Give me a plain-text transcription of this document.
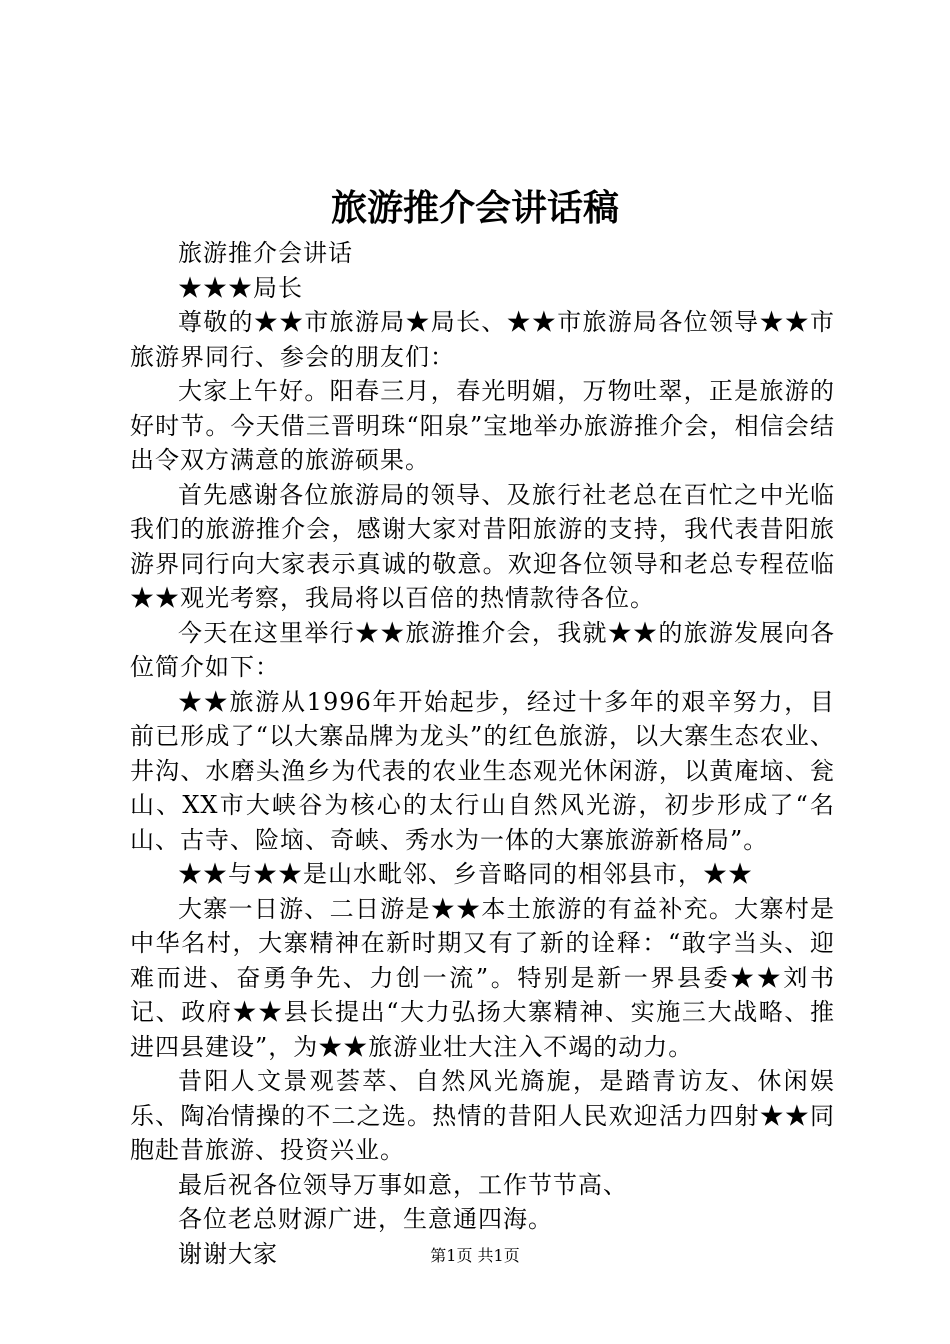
旅游推介会讲话稿

旅游推介会讲话

★★★局长

尊敬的★★市旅游局★局长、★★市旅游局各位领导★★市旅游界同行、参会的朋友们：

大家上午好。阳春三月，春光明媚，万物吐翠，正是旅游的好时节。今天借三晋明珠“阳泉”宝地举办旅游推介会，相信会结出令双方满意的旅游硕果。

首先感谢各位旅游局的领导、及旅行社老总在百忙之中光临我们的旅游推介会，感谢大家对昔阳旅游的支持，我代表昔阳旅游界同行向大家表示真诚的敬意。欢迎各位领导和老总专程莅临★★观光考察，我局将以百倍的热情款待各位。

今天在这里举行★★旅游推介会，我就★★的旅游发展向各位简介如下：

★★旅游从1996年开始起步，经过十多年的艰辛努力，目前已形成了“以大寨品牌为龙头”的红色旅游，以大寨生态农业、井沟、水磨头渔乡为代表的农业生态观光休闲游，以黄庵垴、瓮山、XX市大峡谷为核心的太行山自然风光游，初步形成了“名山、古寺、险垴、奇峡、秀水为一体的大寨旅游新格局”。

★★与★★是山水毗邻、乡音略同的相邻县市，★★

大寨一日游、二日游是★★本土旅游的有益补充。大寨村是中华名村，大寨精神在新时期又有了新的诠释：“敢字当头、迎难而进、奋勇争先、力创一流”。特别是新一界县委★★刘书记、政府★★县长提出“大力弘扬大寨精神、实施三大战略、推进四县建设”，为★★旅游业壮大注入不竭的动力。

昔阳人文景观荟萃、自然风光旖旎，是踏青访友、休闲娱乐、陶冶情操的不二之选。热情的昔阳人民欢迎活力四射★★同胞赴昔旅游、投资兴业。

最后祝各位领导万事如意，工作节节高、

各位老总财源广进，生意通四海。

谢谢大家	第1页 共1页
